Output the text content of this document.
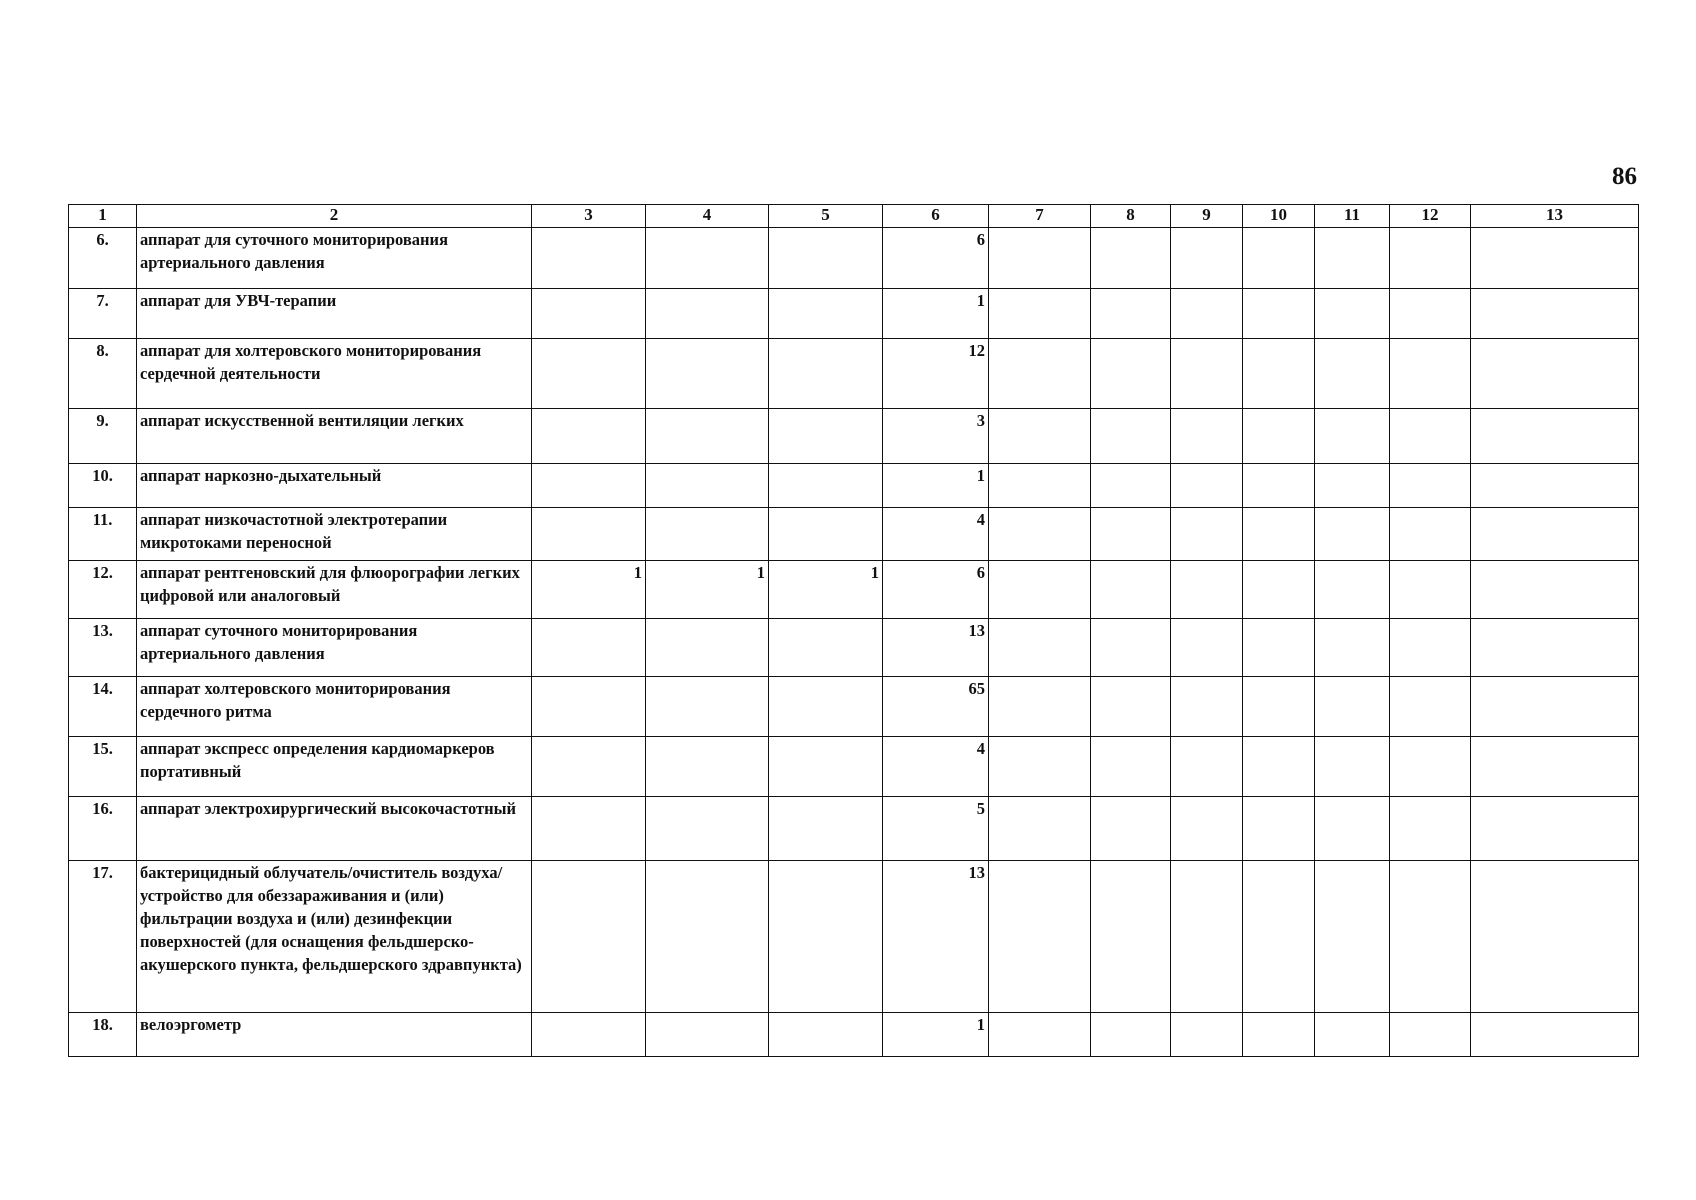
86
1	2	3	4	5	6	7	8	9	10	11	12	13	
6.	аппарат для суточного мониторирования артериального давления				6								
7.	аппарат для УВЧ-терапии				1								
8.	аппарат для холтеровского мониторирования сердечной деятельности				12								
9.	аппарат искусственной вентиляции легких				3								
10.	аппарат наркозно-дыхательный				1								
11.	аппарат низкочастотной электротерапии микротоками переносной				4								
12.	аппарат рентгеновский для флюорографии легких цифровой или аналоговый	1	1	1	6								
13.	аппарат суточного мониторирования артериального давления				13								
14.	аппарат холтеровского мониторирования сердечного ритма				65								
15.	аппарат экспресс определения кардиомаркеров портативный				4								
16.	аппарат электрохирургический высокочастотный				5								
17.	бактерицидный облучатель/очиститель воздуха/устройство для обеззараживания и (или) фильтрации воздуха и (или) дезинфекции поверхностей (для оснащения фельдшерско-акушерского пункта, фельдшерского здравпункта)				13								
18.	велоэргометр				1								
